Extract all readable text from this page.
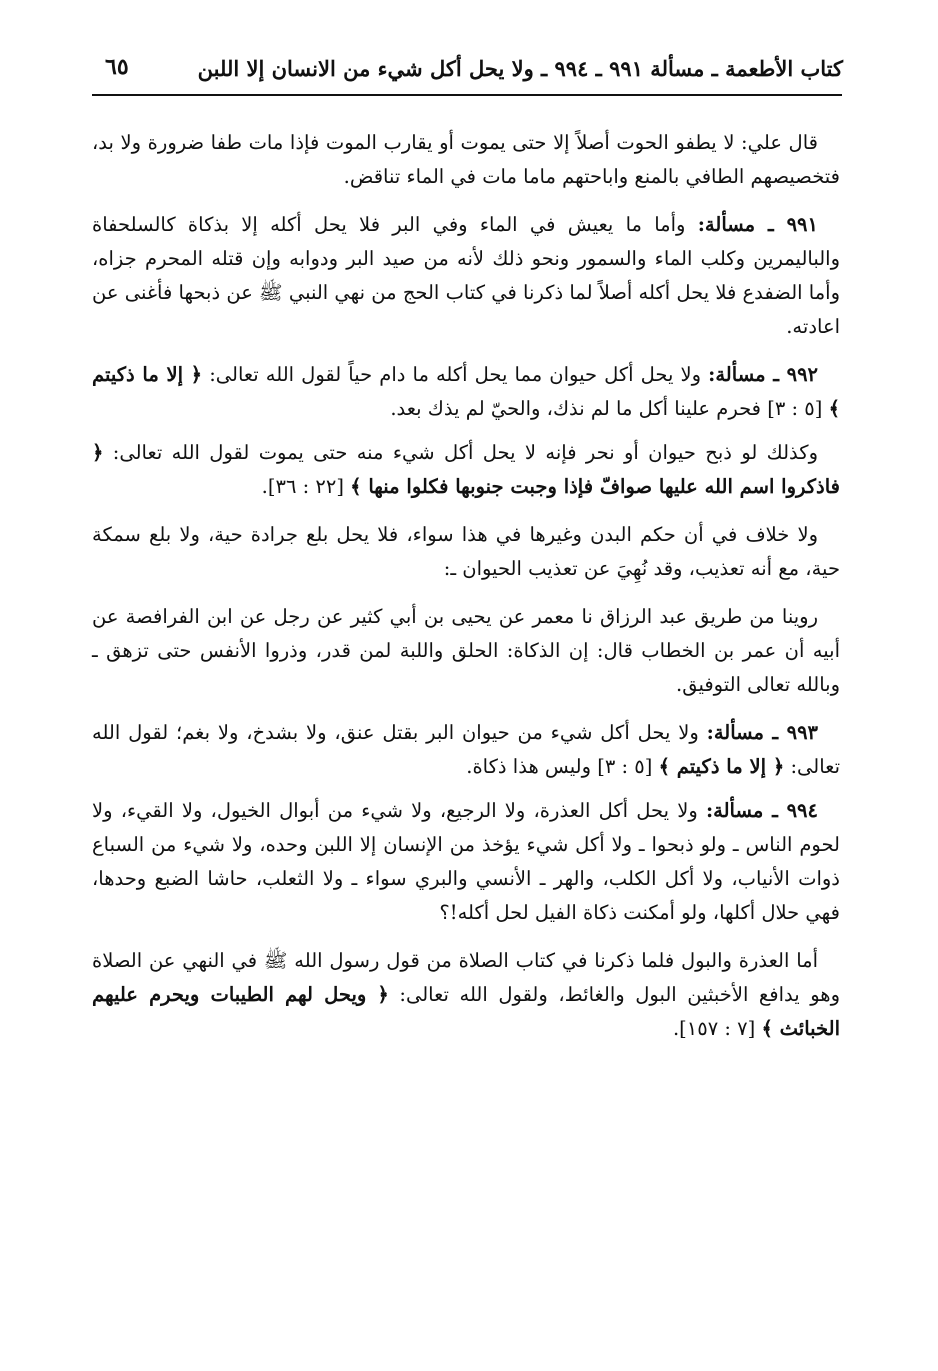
كتاب الأطعمة ـ مسألة ٩٩١ ـ ٩٩٤ ـ ولا يحل أكل شيء من الانسان إلا اللبن
٦٥

قال علي: لا يطفو الحوت أصلاً إلا حتى يموت أو يقارب الموت فإذا مات طفا ضرورة ولا بد، فتخصيصهم الطافي بالمنع واباحتهم ماما مات في الماء تناقض.

٩٩١ ـ مسألة: وأما ما يعيش في الماء وفي البر فلا يحل أكله إلا بذكاة كالسلحفاة والباليمرين وكلب الماء والسمور ونحو ذلك لأنه من صيد البر ودوابه وإن قتله المحرم جزاه، وأما الضفدع فلا يحل أكله أصلاً لما ذكرنا في كتاب الحج من نهي النبي ﷺ عن ذبحها فأغنى عن اعادته.

٩٩٢ ـ مسألة: ولا يحل أكل حيوان مما يحل أكله ما دام حياً لقول الله تعالى: ﴿ إلا ما ذكيتم ﴾ [٥ : ٣] فحرم علينا أكل ما لم نذك، والحيّ لم يذك بعد.

وكذلك لو ذبح حيوان أو نحر فإنه لا يحل أكل شيء منه حتى يموت لقول الله تعالى: ﴿ فاذكروا اسم الله عليها صوافّ فإذا وجبت جنوبها فكلوا منها ﴾ [٢٢ : ٣٦].

ولا خلاف في أن حكم البدن وغيرها في هذا سواء، فلا يحل بلع جرادة حية، ولا بلع سمكة حية، مع أنه تعذيب، وقد نُهِيَ عن تعذيب الحيوان ـ:

روينا من طريق عبد الرزاق نا معمر عن يحيى بن أبي كثير عن رجل عن ابن الفرافصة عن أبيه أن عمر بن الخطاب قال: إن الذكاة: الحلق واللبة لمن قدر، وذروا الأنفس حتى تزهق ـ وبالله تعالى التوفيق.

٩٩٣ ـ مسألة: ولا يحل أكل شيء من حيوان البر بقتل عنق، ولا بشدخ، ولا بغم؛ لقول الله تعالى: ﴿ إلا ما ذكيتم ﴾ [٥ : ٣] وليس هذا ذكاة.

٩٩٤ ـ مسألة: ولا يحل أكل العذرة، ولا الرجيع، ولا شيء من أبوال الخيول، ولا القيء، ولا لحوم الناس ـ ولو ذبحوا ـ ولا أكل شيء يؤخذ من الإنسان إلا اللبن وحده، ولا شيء من السباع ذوات الأنياب، ولا أكل الكلب، والهر ـ الأنسي والبري سواء ـ ولا الثعلب، حاشا الضبع وحدها، فهي حلال أكلها، ولو أمكنت ذكاة الفيل لحل أكله!؟

أما العذرة والبول فلما ذكرنا في كتاب الصلاة من قول رسول الله ﷺ في النهي عن الصلاة وهو يدافع الأخبثين البول والغائط، ولقول الله تعالى: ﴿ ويحل لهم الطيبات ويحرم عليهم الخبائث ﴾ [٧ : ١٥٧].
